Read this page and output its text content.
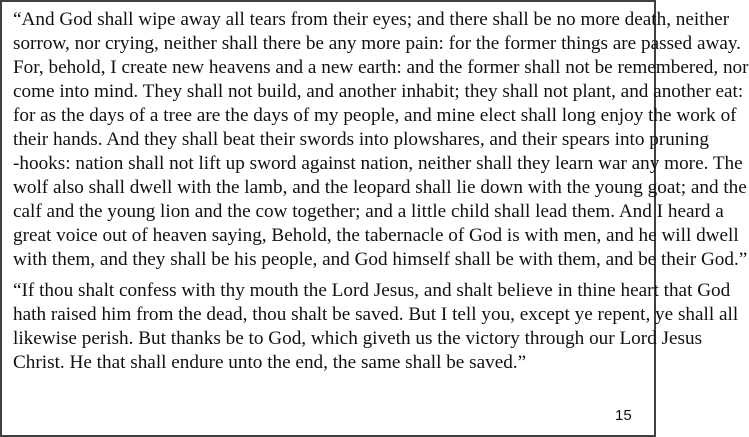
“And God shall wipe away all tears from their eyes; and there shall be no more death, neither
sorrow, nor crying, neither shall there be any more pain: for the former things are passed away.
For, behold, I create new heavens and a new earth: and the former shall not be remembered, nor
come into mind. They shall not build, and another inhabit; they shall not plant, and another eat:
for as the days of a tree are the days of my people, and mine elect shall long enjoy the work of
their hands. And they shall beat their swords into plowshares, and their spears into pruning
-hooks: nation shall not lift up sword against nation, neither shall they learn war any more. The
wolf also shall dwell with the lamb, and the leopard shall lie down with the young goat; and the
calf and the young lion and the cow together; and a little child shall lead them. And I heard a
great voice out of heaven saying, Behold, the tabernacle of God is with men, and he will dwell
with them, and they shall be his people, and God himself shall be with them, and be their God.”
“If thou shalt confess with thy mouth the Lord Jesus, and shalt believe in thine heart that God
hath raised him from the dead, thou shalt be saved. But I tell you, except ye repent, ye shall all
likewise perish. But thanks be to God, which giveth us the victory through our Lord Jesus
Christ. He that shall endure unto the end, the same shall be saved.”
15
